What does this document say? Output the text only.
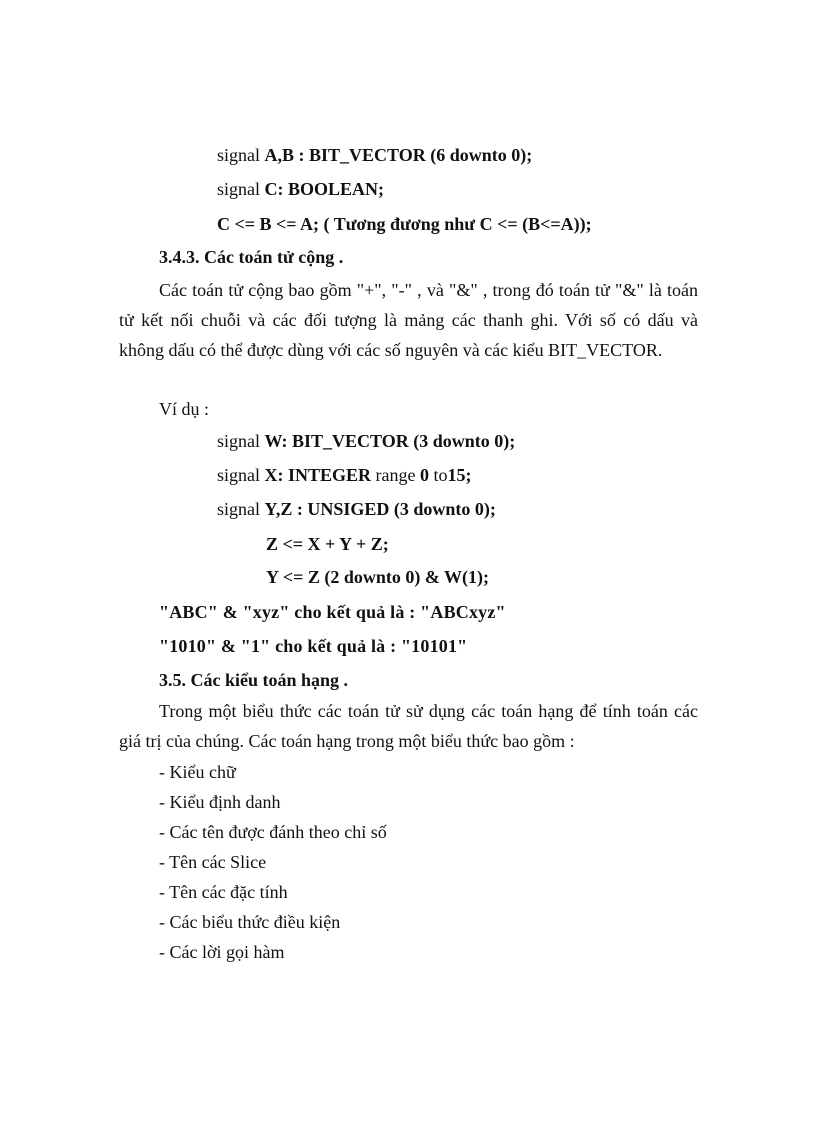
signal A,B : BIT_VECTOR (6 downto 0);
signal C: BOOLEAN;
C <= B <= A; ( Tương đương như C <= (B<=A));
3.4.3. Các toán tử cộng .
Các toán tử cộng bao gồm "+", "-" , và "&" , trong đó toán tử "&" là toán tử kết nối chuỗi và các đối tượng là mảng các thanh ghi. Với số có dấu và không dấu có thể được dùng với các số nguyên và các kiểu BIT_VECTOR.
Ví dụ :
signal W: BIT_VECTOR (3 downto 0);
signal X: INTEGER range 0 to15;
signal Y,Z : UNSIGED (3 downto 0);
Z <= X + Y + Z;
Y <= Z (2 downto 0) & W(1);
"ABC" & "xyz" cho kết quả là : "ABCxyz"
"1010" & "1" cho kết quả là : "10101"
3.5. Các kiểu toán hạng .
Trong một biểu thức các toán tử sử dụng các toán hạng để tính toán các giá trị của chúng. Các toán hạng trong một biểu thức bao gồm :
- Kiểu chữ
- Kiểu định danh
- Các tên được đánh theo chỉ số
- Tên các Slice
- Tên các đặc tính
- Các biểu thức điều kiện
- Các lời gọi hàm
